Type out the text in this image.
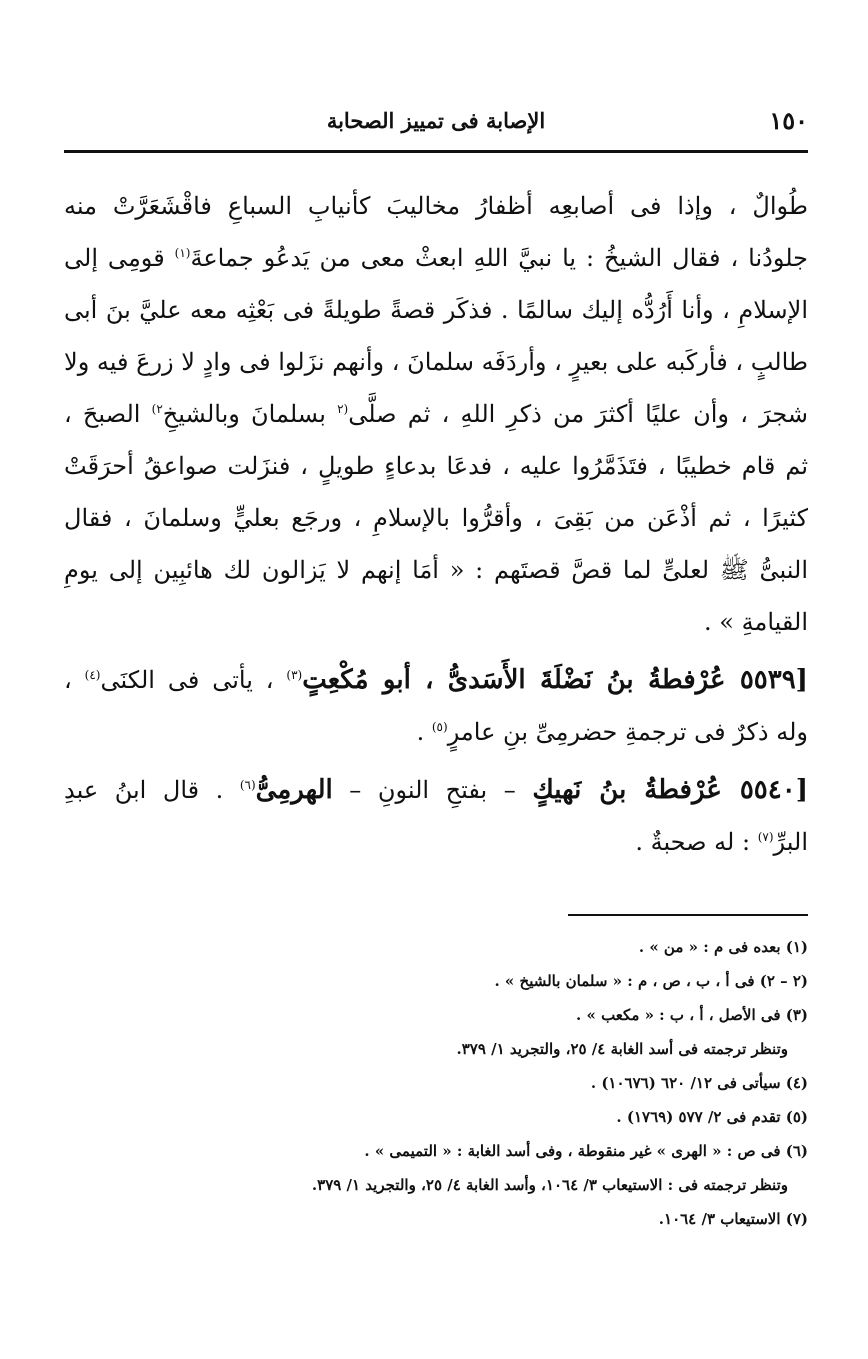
١٥٠
الإصابة فى تمييز الصحابة
طُوالٌ ، وإذا فى أصابعِه أظفارُ مخاليبَ كأنيابِ السباعِ فاقْشَعَرَّتْ منه
جلودُنا ، فقال الشيخُ : يا نبيَّ اللهِ ابعثْ معى من يَدعُو جماعةَ$^{(١)}$ قومِى إلى
الإسلامِ ، وأنا أَرُدُّه إليك سالمًا . فذكَر قصةً طويلةً فى بَعْثِه معه عليَّ بنَ أبى
طالبٍ ، فأركَبه على بعيرٍ ، وأردَفَه سلمانَ ، وأنهم نزَلوا فى وادٍ لا زرعَ فيه ولا
شجرَ ، وأن عليًا أكثرَ من ذكرِ اللهِ ، ثم صلَّى$^{(٢}$ بسلمانَ وبالشيخِ$^{٢)}$ الصبحَ ،
ثم قام خطيبًا ، فتَذَمَّرُوا عليه ، فدعَا بدعاءٍ طويلٍ ، فنزَلت صواعقُ أحرَقَتْ
كثيرًا ، ثم أذْعَن من بَقِىَ ، وأقرُّوا بالإسلامِ ، ورجَع بعليٍّ وسلمانَ ، فقال
النبىُّ ﷺ لعلىٍّ لما قصَّ قصتَهم : « أمَا إنهم لا يَزالون لك هائبِين إلى يومِ
القيامةِ » .
[٥٥٣٩ عُرْفطةُ بنُ نَضْلَةَ الأَسَدىُّ ، أبو مُكْعِتٍ$^{(٣)}$ ، يأتى فى الكنَى$^{(٤)}$ ،
وله ذكرٌ فى ترجمةِ حضرمِىِّ بنِ عامرٍ$^{(٥)}$ .
[٥٥٤٠ عُرْفطةُ بنُ نَهيكٍ – بفتحِ النونِ – الهرمِىُّ$^{(٦)}$ . قال ابنُ عبدِ
البرِّ$^{(٧)}$ : له صحبةٌ .
(١) بعده فى م : « من » .
(٢ – ٢) فى أ ، ب ، ص ، م : « سلمان بالشيخ » .
(٣) فى الأصل ، أ ، ب : « مكعب » .
وتنظر ترجمته فى أسد الغابة ٤/ ٢٥، والتجريد ١/ ٣٧٩.
(٤) سيأتى فى ١٢/ ٦٢٠ (١٠٦٧٦) .
(٥) تقدم فى ٢/ ٥٧٧ (١٧٦٩) .
(٦) فى ص : « الهرى » غير منقوطة ، وفى أسد الغابة : « التميمى » .
وتنظر ترجمته فى : الاستيعاب ٣/ ١٠٦٤، وأسد الغابة ٤/ ٢٥، والتجريد ١/ ٣٧٩.
(٧) الاستيعاب ٣/ ١٠٦٤.
